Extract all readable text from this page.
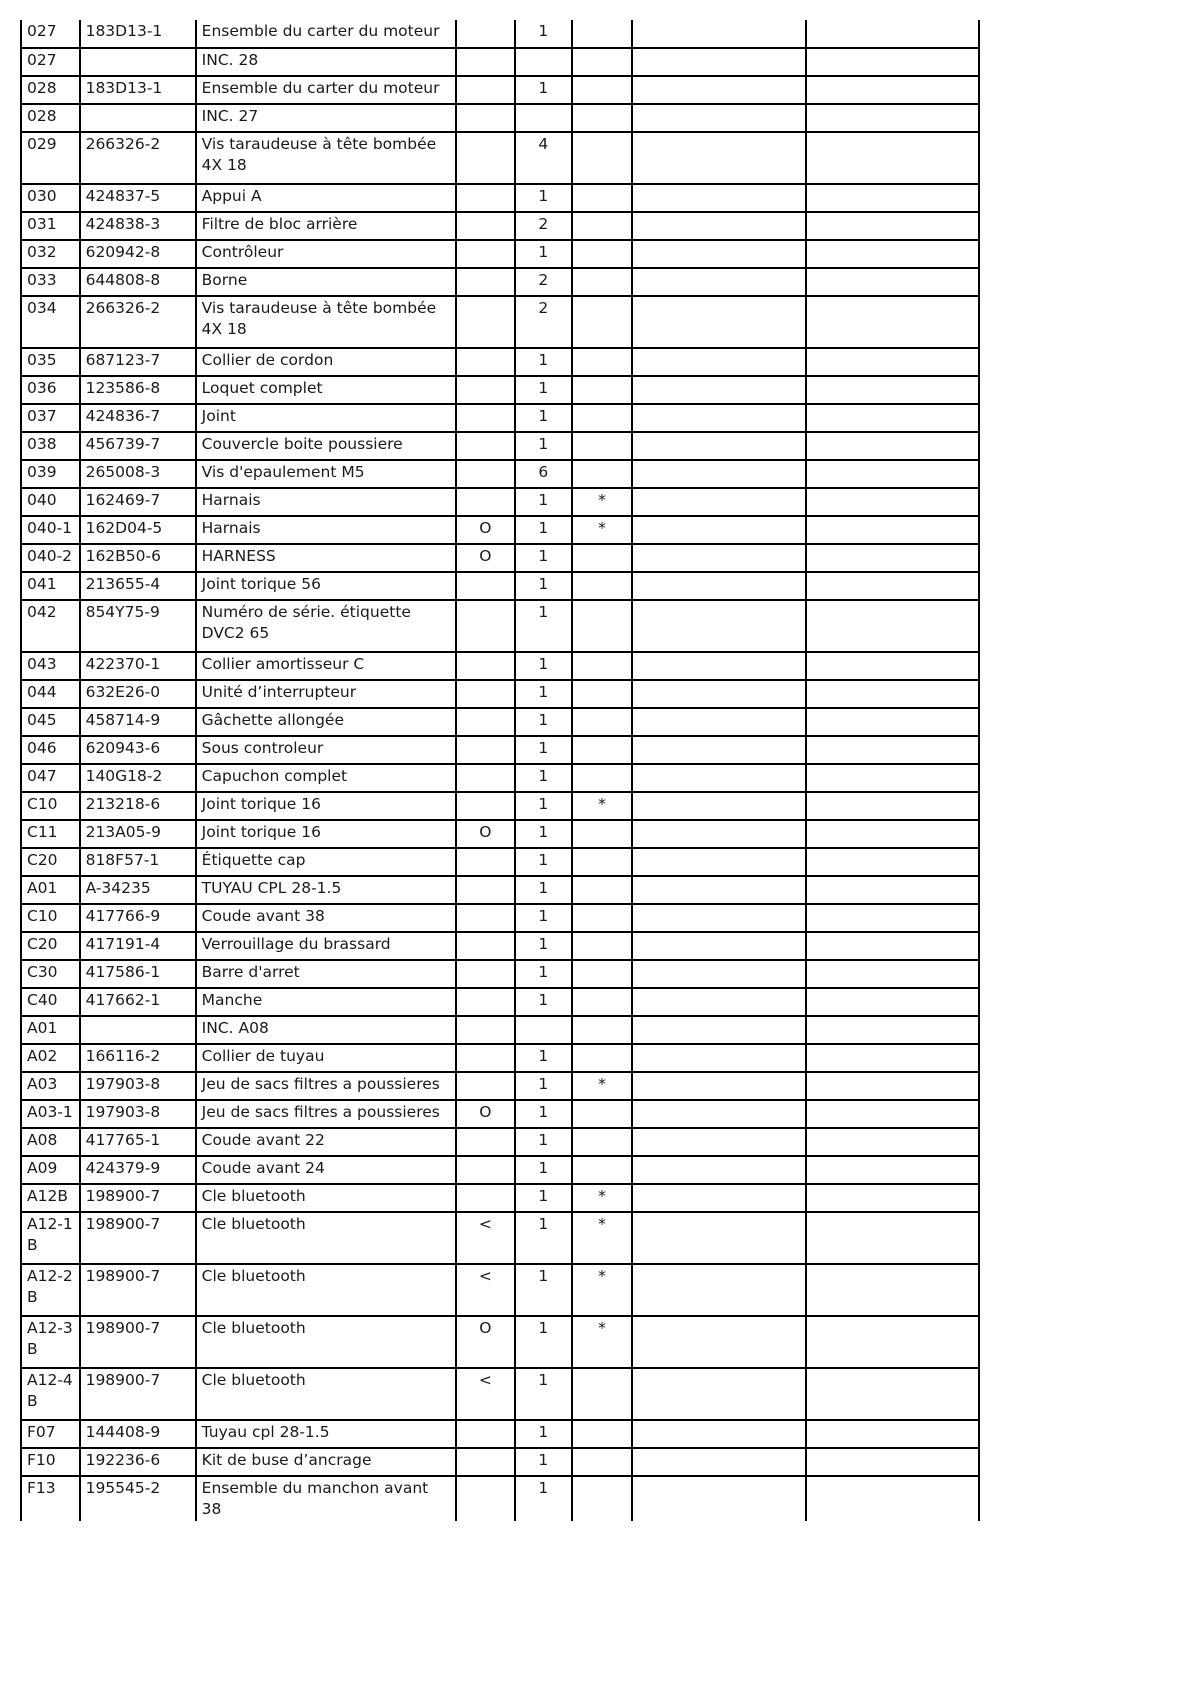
027	183D13-1	Ensemble du carter du moteur		1			
027		INC. 28					
028	183D13-1	Ensemble du carter du moteur		1			
028		INC. 27					
029	266326-2	Vis taraudeuse à tête bombée 4X 18		4			
030	424837-5	Appui A		1			
031	424838-3	Filtre de bloc arrière		2			
032	620942-8	Contrôleur		1			
033	644808-8	Borne		2			
034	266326-2	Vis taraudeuse à tête bombée 4X 18		2			
035	687123-7	Collier de cordon		1			
036	123586-8	Loquet complet		1			
037	424836-7	Joint		1			
038	456739-7	Couvercle boite poussiere		1			
039	265008-3	Vis d'epaulement M5		6			
040	162469-7	Harnais		1	*		
040-1	162D04-5	Harnais	O	1	*		
040-2	162B50-6	HARNESS	O	1			
041	213655-4	Joint torique 56		1			
042	854Y75-9	Numéro de série. étiquette DVC2 65		1			
043	422370-1	Collier amortisseur C		1			
044	632E26-0	Unité d’interrupteur		1			
045	458714-9	Gâchette allongée		1			
046	620943-6	Sous controleur		1			
047	140G18-2	Capuchon complet		1			
C10	213218-6	Joint torique 16		1	*		
C11	213A05-9	Joint torique 16	O	1			
C20	818F57-1	Étiquette cap		1			
A01	A-34235	TUYAU CPL 28-1.5		1			
C10	417766-9	Coude avant 38		1			
C20	417191-4	Verrouillage du brassard		1			
C30	417586-1	Barre d'arret		1			
C40	417662-1	Manche		1			
A01		INC. A08					
A02	166116-2	Collier de tuyau		1			
A03	197903-8	Jeu de sacs filtres a poussieres		1	*		
A03-1	197903-8	Jeu de sacs filtres a poussieres	O	1			
A08	417765-1	Coude avant 22		1			
A09	424379-9	Coude avant 24		1			
A12B	198900-7	Cle bluetooth		1	*		
A12-1B	198900-7	Cle bluetooth	<	1	*		
A12-2B	198900-7	Cle bluetooth	<	1	*		
A12-3B	198900-7	Cle bluetooth	O	1	*		
A12-4B	198900-7	Cle bluetooth	<	1			
F07	144408-9	Tuyau cpl 28-1.5		1			
F10	192236-6	Kit de buse d’ancrage		1			
F13	195545-2	Ensemble du manchon avant 38		1			
